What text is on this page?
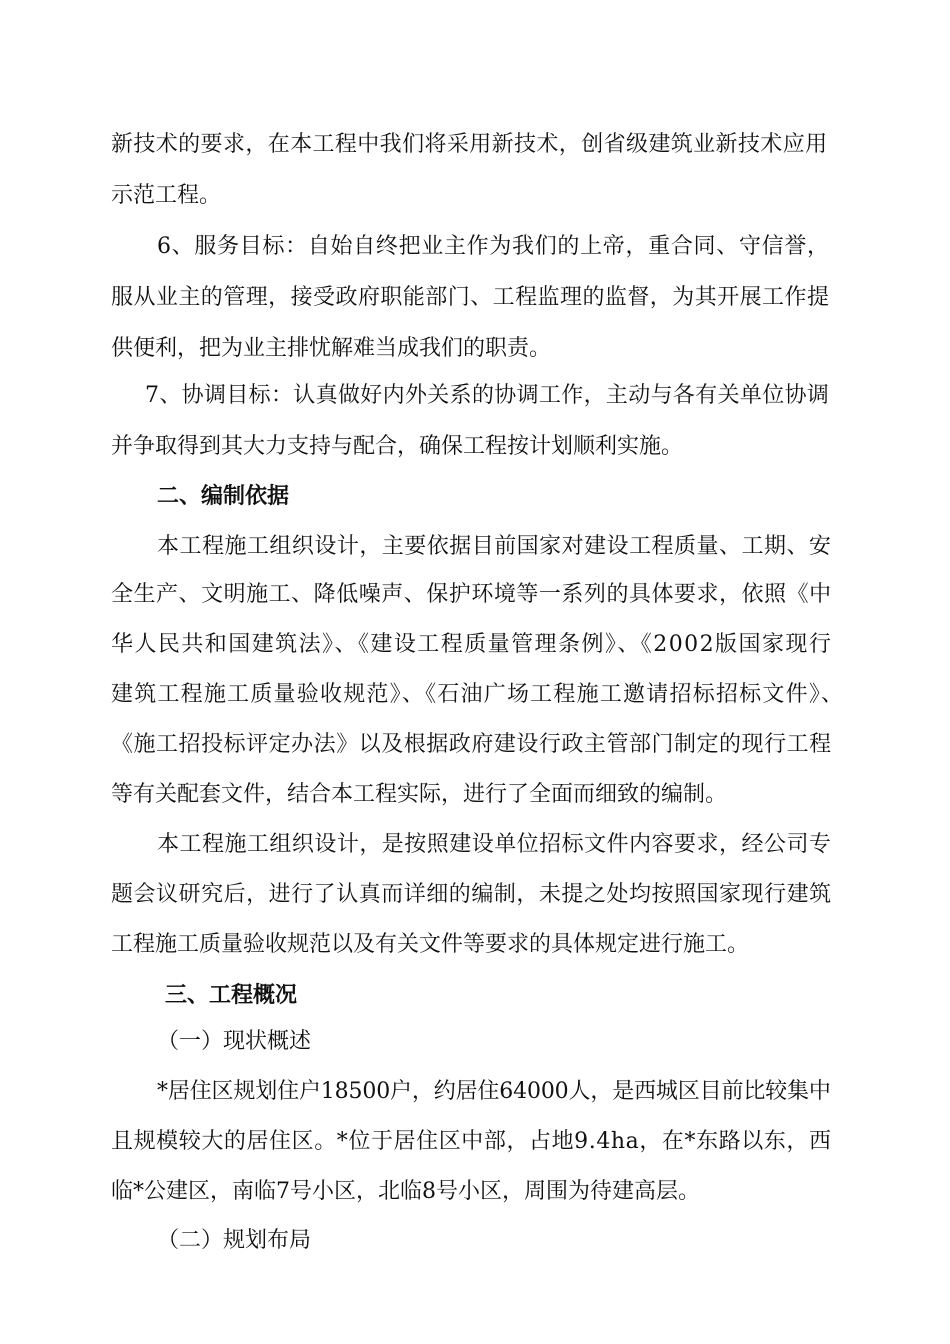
新技术的要求，在本工程中我们将采用新技术，创省级建筑业新技术应用
示范工程。
6、服务目标：自始自终把业主作为我们的上帝，重合同、守信誉，
服从业主的管理，接受政府职能部门、工程监理的监督，为其开展工作提
供便利，把为业主排忧解难当成我们的职责。
7、协调目标：认真做好内外关系的协调工作，主动与各有关单位协调
并争取得到其大力支持与配合，确保工程按计划顺利实施。
二、编制依据
本工程施工组织设计，主要依据目前国家对建设工程质量、工期、安
全生产、文明施工、降低噪声、保护环境等一系列的具体要求，依照《中
华人民共和国建筑法》、《建设工程质量管理条例》、《2002版国家现行
建筑工程施工质量验收规范》、《石油广场工程施工邀请招标招标文件》、
《施工招投标评定办法》以及根据政府建设行政主管部门制定的现行工程
等有关配套文件，结合本工程实际，进行了全面而细致的编制。
本工程施工组织设计，是按照建设单位招标文件内容要求，经公司专
题会议研究后，进行了认真而详细的编制，未提之处均按照国家现行建筑
工程施工质量验收规范以及有关文件等要求的具体规定进行施工。
三、工程概况
（一）现状概述
*居住区规划住户18500户，约居住64000人，是西城区目前比较集中
且规模较大的居住区。*位于居住区中部，占地9.4ha，在*东路以东，西
临*公建区，南临7号小区，北临8号小区，周围为待建高层。
（二）规划布局
